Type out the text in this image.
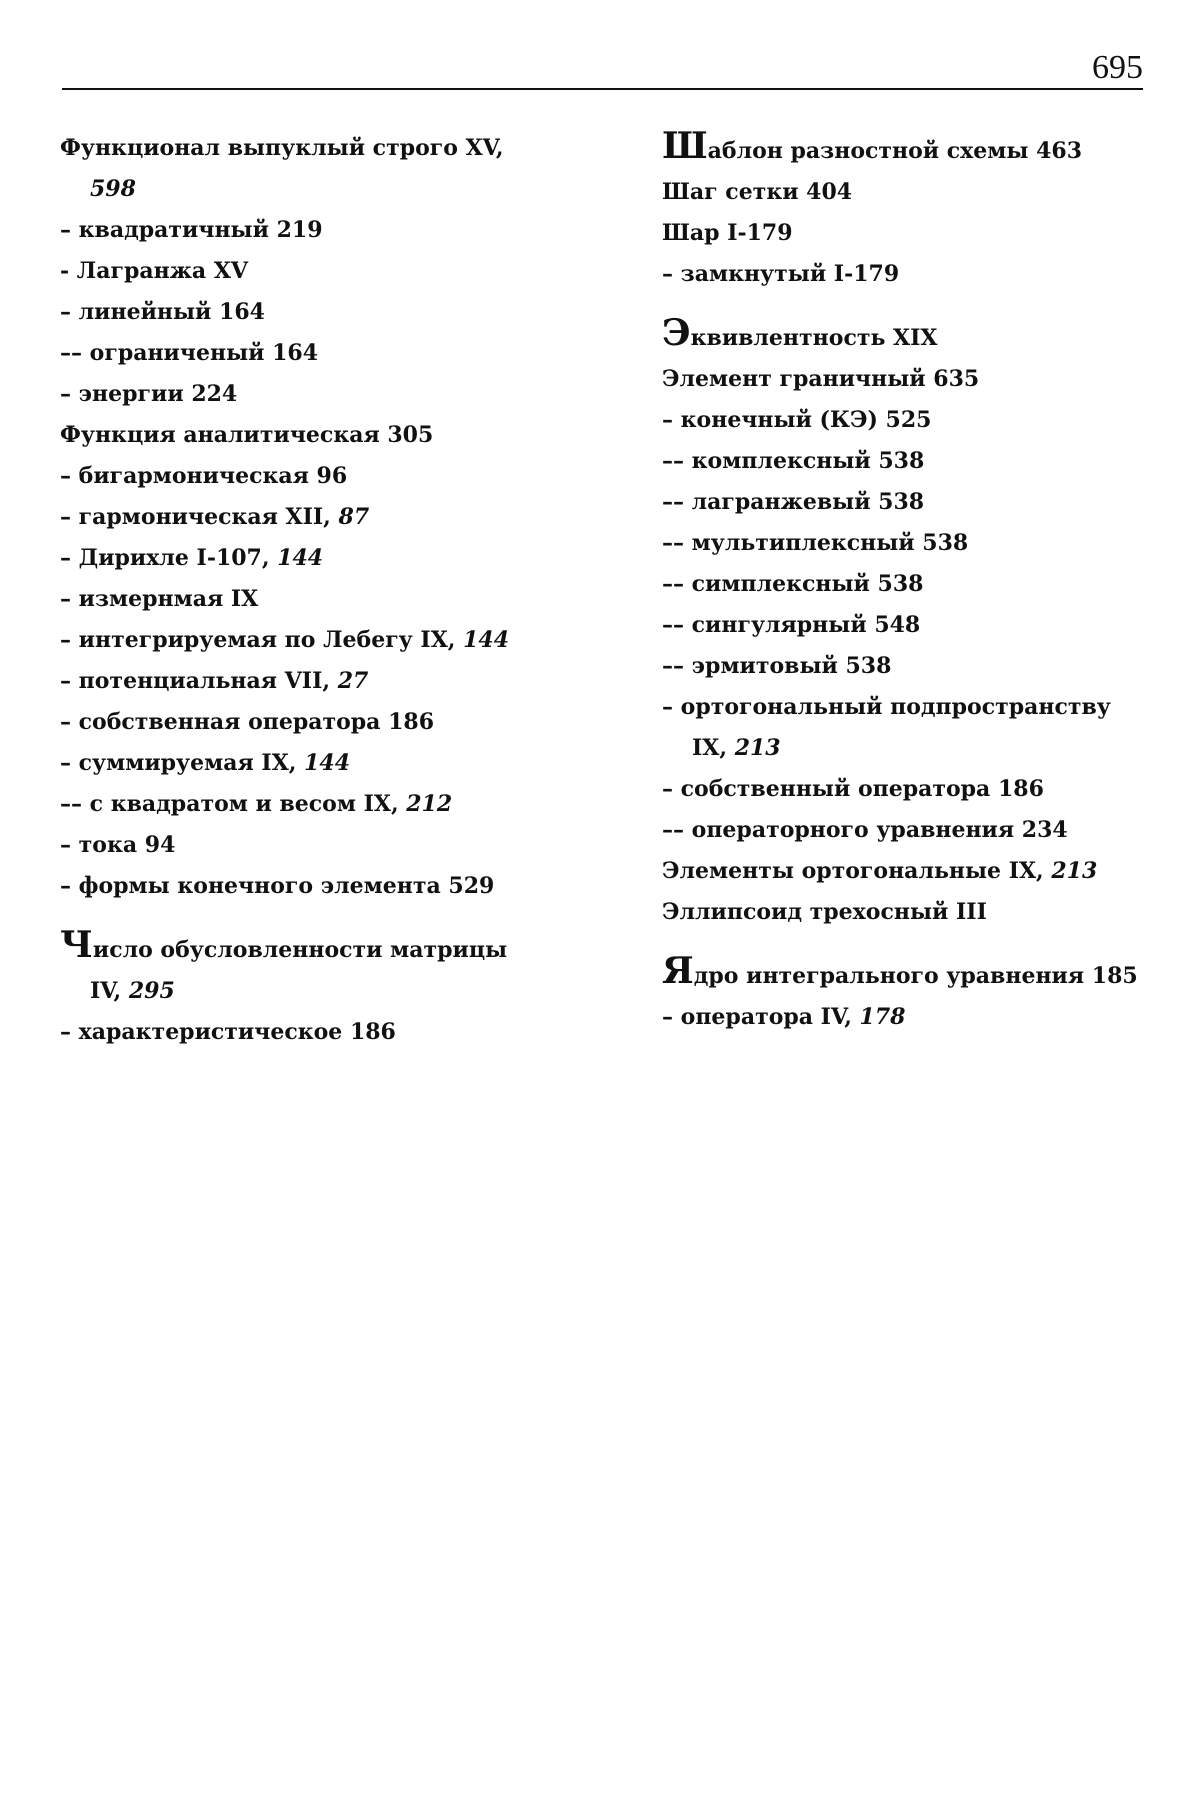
695
Функционал выпуклый строго XV,
598
– квадратичный 219
- Лагранжа XV
– линейный 164
–– ограниченый 164
– энергии 224
Функция аналитическая 305
– бигармоническая 96
– гармоническая XII, 87
– Дирихле I-107, 144
– измернмая IX
– интегрируемая по Лебегу IX, 144
– потенциальная VII, 27
– собственная оператора 186
– суммируемая IX, 144
–– с квадратом и весом IX, 212
– тока 94
– формы конечного элемента 529
Число обусловленности матрицы
IV, 295
– характеристическое 186
Шаблон разностной схемы 463
Шаг сетки 404
Шар I-179
– замкнутый I-179
Эквивлентность XIX
Элемент граничный 635
– конечный (КЭ) 525
–– комплексный 538
–– лагранжевый 538
–– мультиплексный 538
–– симплексный 538
–– сингулярный 548
–– эрмитовый 538
– ортогональный подпространству
IX, 213
– собственный оператора 186
–– операторного уравнения 234
Элементы ортогональные IX, 213
Эллипсоид трехосный III
Ядро интегрального уравнения 185
– оператора IV, 178
